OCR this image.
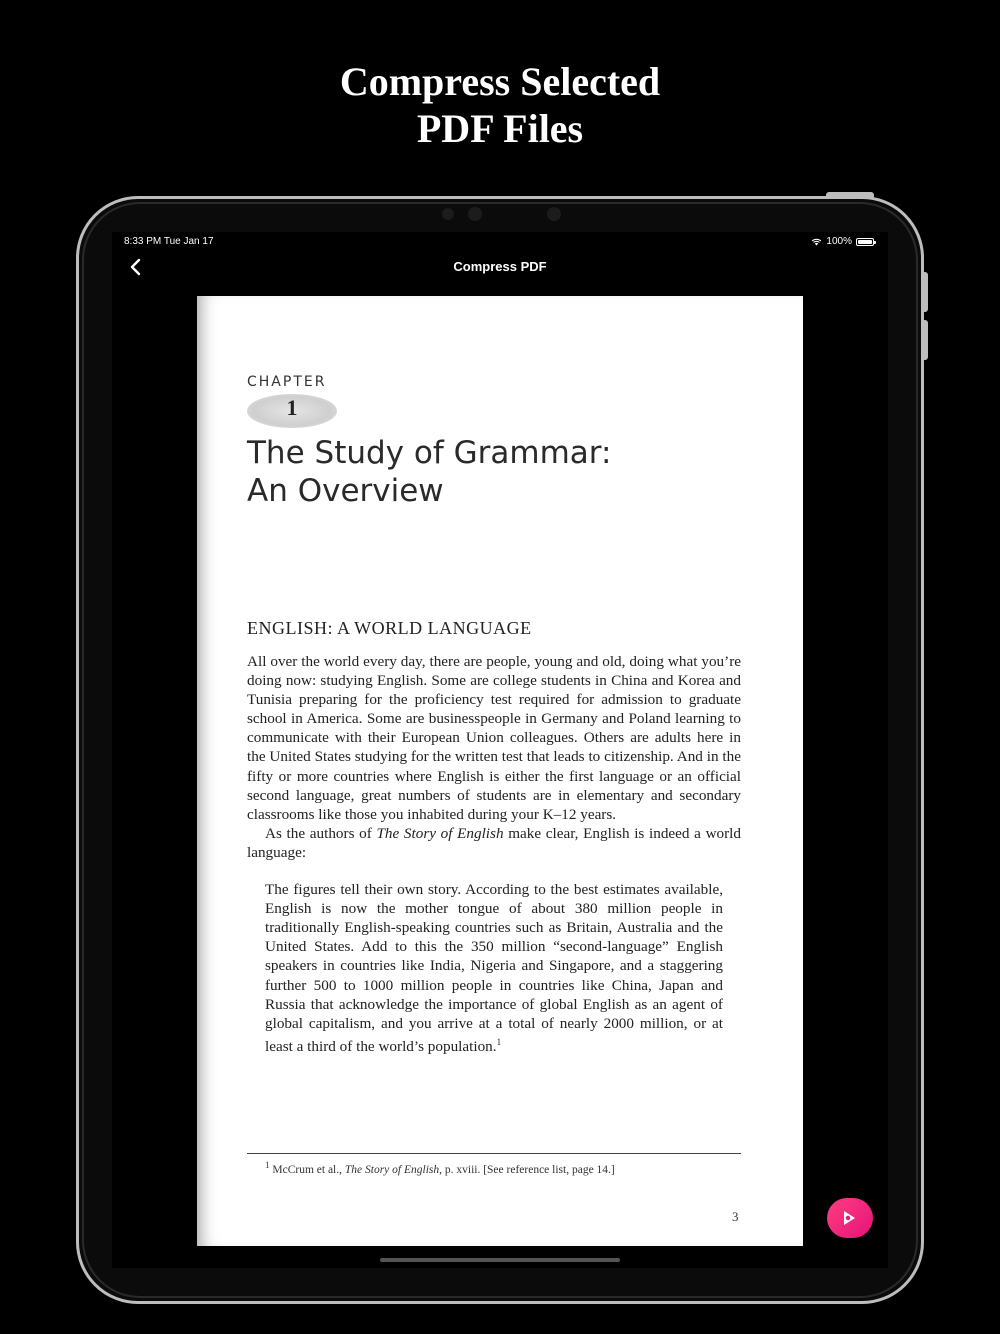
Compress Selected
PDF Files
8:33 PM Tue Jan 17	100%
Compress PDF
CHAPTER
1
The Study of Grammar:
An Overview
ENGLISH: A WORLD LANGUAGE

All over the world every day, there are people, young and old, doing what you’re doing now: studying English. Some are college students in China and Korea and Tunisia preparing for the proficiency test required for admission to graduate school in America. Some are businesspeople in Germany and Poland learning to communicate with their European Union colleagues. Others are adults here in the United States studying for the written test that leads to citizenship. And in the fifty or more countries where English is either the first language or an official second language, great numbers of students are in elementary and secondary classrooms like those you inhabited during your K–12 years.

As the authors of The Story of English make clear, English is indeed a world language:

The figures tell their own story. According to the best estimates available, English is now the mother tongue of about 380 million people in traditionally English-speaking countries such as Britain, Australia and the United States. Add to this the 350 million “second-language” English speakers in countries like India, Nigeria and Singapore, and a staggering further 500 to 1000 million people in countries like China, Japan and Russia that acknowledge the importance of global English as an agent of global capitalism, and you arrive at a total of nearly 2000 million, or at least a third of the world’s population.$^1$
$^1$ McCrum et al., The Story of English, p. xviii. [See reference list, page 14.]
3
